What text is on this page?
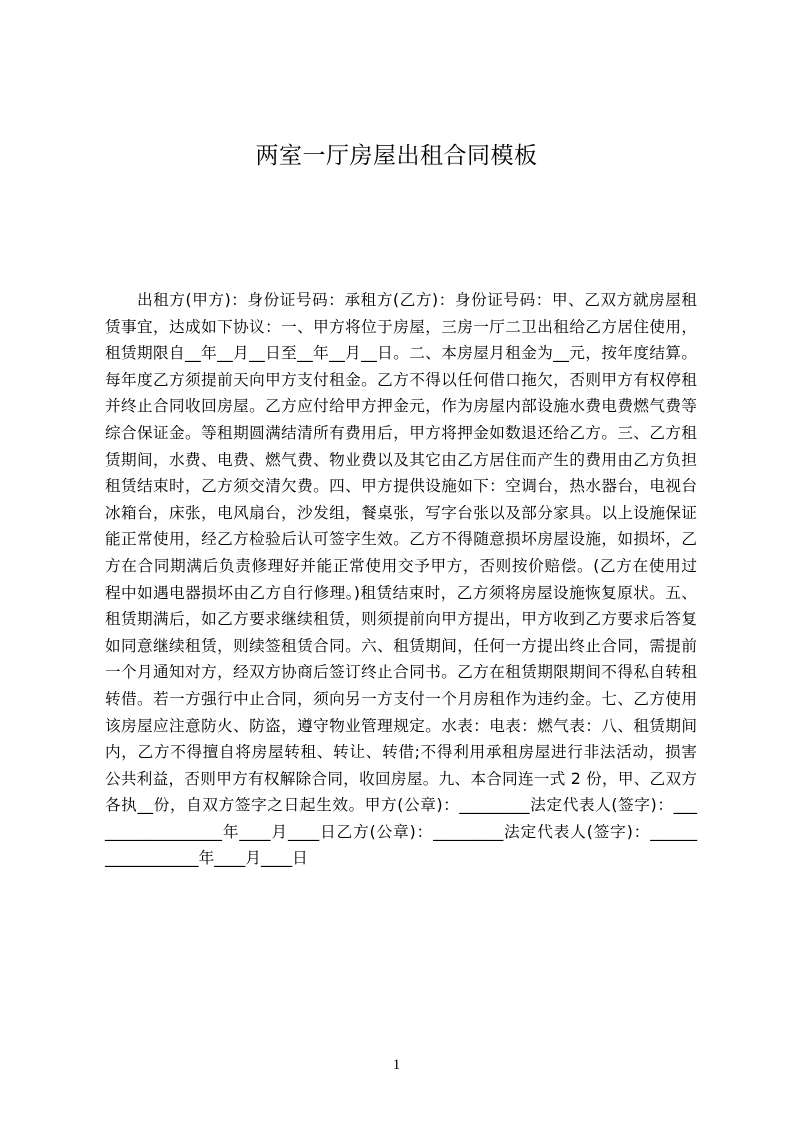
两室一厅房屋出租合同模板
出租方(甲方)：身份证号码：承租方(乙方)：身份证号码：甲、乙双方就房屋租
赁事宜，达成如下协议：一、甲方将位于房屋，三房一厅二卫出租给乙方居住使用，
租赁期限自__年__月__日至__年__月__日。二、本房屋月租金为__元，按年度结算。
每年度乙方须提前天向甲方支付租金。乙方不得以任何借口拖欠，否则甲方有权停租
并终止合同收回房屋。乙方应付给甲方押金元，作为房屋内部设施水费电费燃气费等
综合保证金。等租期圆满结清所有费用后，甲方将押金如数退还给乙方。三、乙方租
赁期间，水费、电费、燃气费、物业费以及其它由乙方居住而产生的费用由乙方负担
租赁结束时，乙方须交清欠费。四、甲方提供设施如下：空调台，热水器台，电视台
冰箱台，床张，电风扇台，沙发组，餐桌张，写字台张以及部分家具。以上设施保证
能正常使用，经乙方检验后认可签字生效。乙方不得随意损坏房屋设施，如损坏，乙
方在合同期满后负责修理好并能正常使用交予甲方，否则按价赔偿。(乙方在使用过
程中如遇电器损坏由乙方自行修理。)租赁结束时，乙方须将房屋设施恢复原状。五、
租赁期满后，如乙方要求继续租赁，则须提前向甲方提出，甲方收到乙方要求后答复
如同意继续租赁，则续签租赁合同。六、租赁期间，任何一方提出终止合同，需提前
一个月通知对方，经双方协商后签订终止合同书。乙方在租赁期限期间不得私自转租
转借。若一方强行中止合同，须向另一方支付一个月房租作为违约金。七、乙方使用
该房屋应注意防火、防盗，遵守物业管理规定。水表：电表：燃气表：八、租赁期间
内，乙方不得擅自将房屋转租、转让、转借;不得利用承租房屋进行非法活动，损害
公共利益，否则甲方有权解除合同，收回房屋。九、本合同连一式 2 份，甲、乙双方
各执__份，自双方签字之日起生效。甲方(公章)：_________法定代表人(签字)：___
_______________年____月____日乙方(公章)：_________法定代表人(签字)：______
____________年____月____日
1
